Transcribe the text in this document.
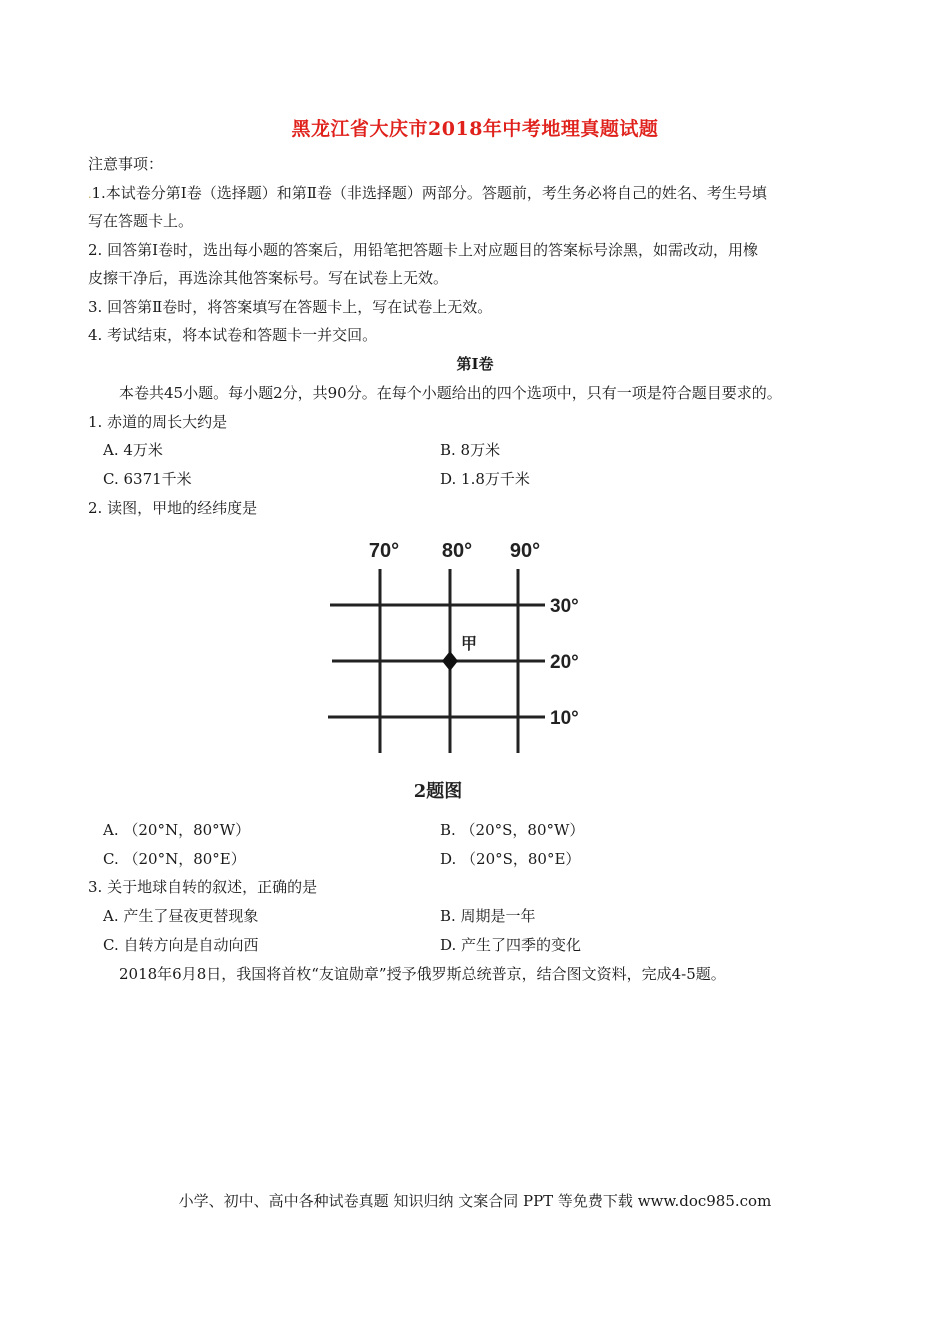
黑龙江省大庆市2018年中考地理真题试题
注意事项：
.1.本试卷分第Ⅰ卷（选择题）和第Ⅱ卷（非选择题）两部分。答题前，考生务必将自己的姓名、考生号填
写在答题卡上。
2. 回答第Ⅰ卷时，选出每小题的答案后，用铅笔把答题卡上对应题目的答案标号涂黑，如需改动，用橡
皮擦干净后，再选涂其他答案标号。写在试卷上无效。
3. 回答第Ⅱ卷时，将答案填写在答题卡上，写在试卷上无效。
4. 考试结束，将本试卷和答题卡一并交回。
第Ⅰ卷
本卷共45小题。每小题2分，共90分。在每个小题给出的四个选项中，只有一项是符合题目要求的。
1. 赤道的周长大约是
A. 4万米	B. 8万米
C. 6371千米	D. 1.8万千米
2. 读图，甲地的经纬度是
70° 80° 90°
30°
20°
10°
甲
2题图
A. （20°N，80°W）	B. （20°S，80°W）
C. （20°N，80°E）	D. （20°S，80°E）
3. 关于地球自转的叙述，正确的是
A. 产生了昼夜更替现象	B. 周期是一年
C. 自转方向是自动向西	D. 产生了四季的变化
2018年6月8日，我国将首枚“友谊勋章”授予俄罗斯总统普京，结合图文资料，完成4-5题。
小学、初中、高中各种试卷真题 知识归纳 文案合同 PPT 等免费下载 www.doc985.com
